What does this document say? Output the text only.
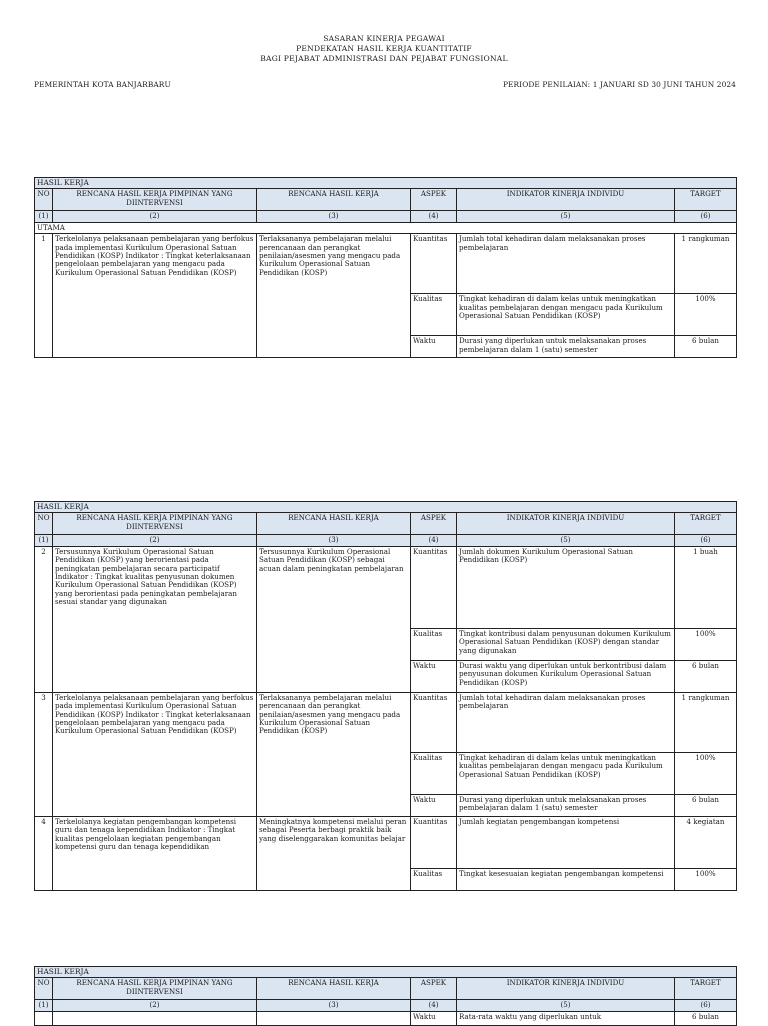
SASARAN KINERJA PEGAWAI
PENDEKATAN HASIL KERJA KUANTITATIF
BAGI PEJABAT ADMINISTRASI DAN PEJABAT FUNGSIONAL
PEMERINTAH KOTA BANJARBARU	PERIODE PENILAIAN: 1 JANUARI SD 30 JUNI TAHUN 2024
HASIL KERJA					
NO	RENCANA HASIL KERJA PIMPINAN YANG DIINTERVENSI	RENCANA HASIL KERJA	ASPEK	INDIKATOR KINERJA INDIVIDU	TARGET
(1)	(2)	(3)	(4)	(5)	(6)
UTAMA					
1	Terkelolanya pelaksanaan pembelajaran yang berfokus pada implementasi Kurikulum Operasional Satuan Pendidikan (KOSP) Indikator : Tingkat keterlaksanaan pengelolaan pembelajaran yang mengacu pada Kurikulum Operasional Satuan Pendidikan (KOSP)	Terlaksananya pembelajaran melalui perencanaan dan perangkat penilaian/asesmen yang mengacu pada Kurikulum Operasional Satuan Pendidikan (KOSP)	Kuantitas	Jumlah total kehadiran dalam melaksanakan proses pembelajaran	1 rangkuman
			Kualitas	Tingkat kehadiran di dalam kelas untuk meningkatkan kualitas pembelajaran dengan mengacu pada Kurikulum Operasional Satuan Pendidikan (KOSP)	100%
			Waktu	Durasi yang diperlukan untuk melaksanakan proses pembelajaran dalam 1 (satu) semester	6 bulan
HASIL KERJA					
NO	RENCANA HASIL KERJA PIMPINAN YANG DIINTERVENSI	RENCANA HASIL KERJA	ASPEK	INDIKATOR KINERJA INDIVIDU	TARGET
(1)	(2)	(3)	(4)	(5)	(6)
2	Tersusunnya Kurikulum Operasional Satuan Pendidikan (KOSP) yang berorientasi pada peningkatan pembelajaran secara participatif Indikator : Tingkat kualitas penyusunan dokumen Kurikulum Operasional Satuan Pendidikan (KOSP) yang berorientasi pada peningkatan pembelajaran sesuai standar yang digunakan	Tersusunnya Kurikulum Operasional Satuan Pendidikan (KOSP) sebagai acuan dalam peningkatan pembelajaran	Kuantitas	Jumlah dokumen Kurikulum Operasional Satuan Pendidikan (KOSP)	1 buah
			Kualitas	Tingkat kontribusi dalam penyusunan dokumen Kurikulum Operasional Satuan Pendidikan (KOSP) dengan standar yang digunakan	100%
			Waktu	Durasi waktu yang diperlukan untuk berkontribusi dalam penyusunan dokumen Kurikulum Operasional Satuan Pendidikan (KOSP)	6 bulan
3	Terkelolanya pelaksanaan pembelajaran yang berfokus pada implementasi Kurikulum Operasional Satuan Pendidikan (KOSP) Indikator : Tingkat keterlaksanaan pengelolaan pembelajaran yang mengacu pada Kurikulum Operasional Satuan Pendidikan (KOSP)	Terlaksananya pembelajaran melalui perencanaan dan perangkat penilaian/asesmen yang mengacu pada Kurikulum Operasional Satuan Pendidikan (KOSP)	Kuantitas	Jumlah total kehadiran dalam melaksanakan proses pembelajaran	1 rangkuman
			Kualitas	Tingkat kehadiran di dalam kelas untuk meningkatkan kualitas pembelajaran dengan mengacu pada Kurikulum Operasional Satuan Pendidikan (KOSP)	100%
			Waktu	Durasi yang diperlukan untuk melaksanakan proses pembelajaran dalam 1 (satu) semester	6 bulan
4	Terkelolanya kegiatan pengembangan kompetensi guru dan tenaga kependidikan Indikator : Tingkat kualitas pengelolaan kegiatan pengembangan kompetensi guru dan tenaga kependidikan	Meningkatnya kompetensi melalui peran sebagai Peserta berbagi praktik baik yang diselenggarakan komunitas belajar	Kuantitas	Jumlah kegiatan pengembangan kompetensi	4 kegiatan
			Kualitas	Tingkat kesesuaian kegiatan pengembangan kompetensi	100%
HASIL KERJA					
NO	RENCANA HASIL KERJA PIMPINAN YANG DIINTERVENSI	RENCANA HASIL KERJA	ASPEK	INDIKATOR KINERJA INDIVIDU	TARGET
(1)	(2)	(3)	(4)	(5)	(6)
			Waktu	Rata-rata waktu yang diperlukan untuk	6 bulan
